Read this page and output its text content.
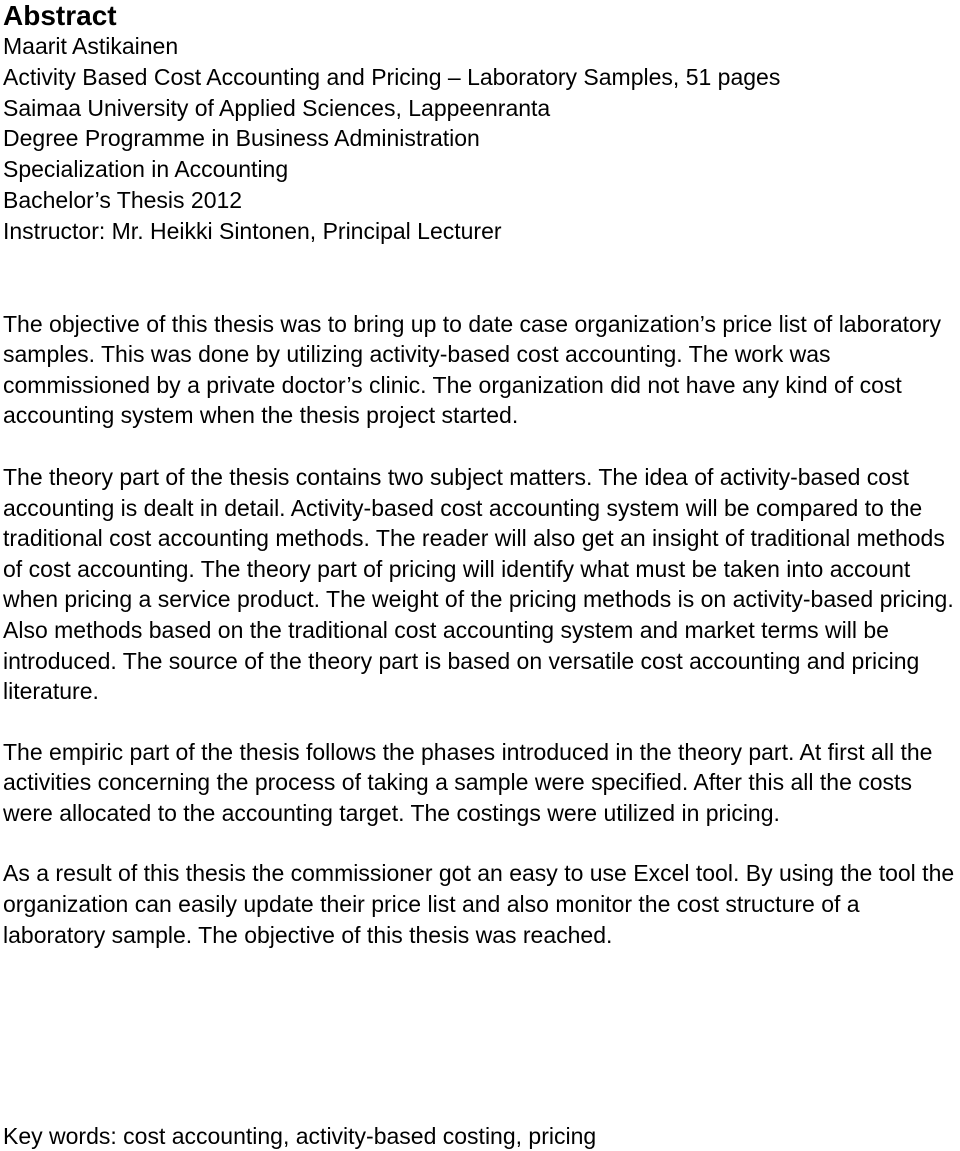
Abstract
Maarit Astikainen
Activity Based Cost Accounting and Pricing – Laboratory Samples, 51 pages
Saimaa University of Applied Sciences, Lappeenranta
Degree Programme in Business Administration
Specialization in Accounting
Bachelor’s Thesis 2012
Instructor: Mr. Heikki Sintonen, Principal Lecturer

The objective of this thesis was to bring up to date case organization’s price list of laboratory samples. This was done by utilizing activity-based cost accounting. The work was commissioned by a private doctor’s clinic. The organization did not have any kind of cost accounting system when the thesis project started.

The theory part of the thesis contains two subject matters. The idea of activity-based cost accounting is dealt in detail. Activity-based cost accounting system will be compared to the traditional cost accounting methods. The reader will also get an insight of traditional methods of cost accounting. The theory part of pricing will identify what must be taken into account when pricing a service product. The weight of the pricing methods is on activity-based pricing. Also methods based on the traditional cost accounting system and market terms will be introduced. The source of the theory part is based on versatile cost accounting and pricing literature.

The empiric part of the thesis follows the phases introduced in the theory part. At first all the activities concerning the process of taking a sample were specified. After this all the costs were allocated to the accounting target. The costings were utilized in pricing.

As a result of this thesis the commissioner got an easy to use Excel tool. By using the tool the organization can easily update their price list and also monitor the cost structure of a laboratory sample. The objective of this thesis was reached.

Key words: cost accounting, activity-based costing, pricing
